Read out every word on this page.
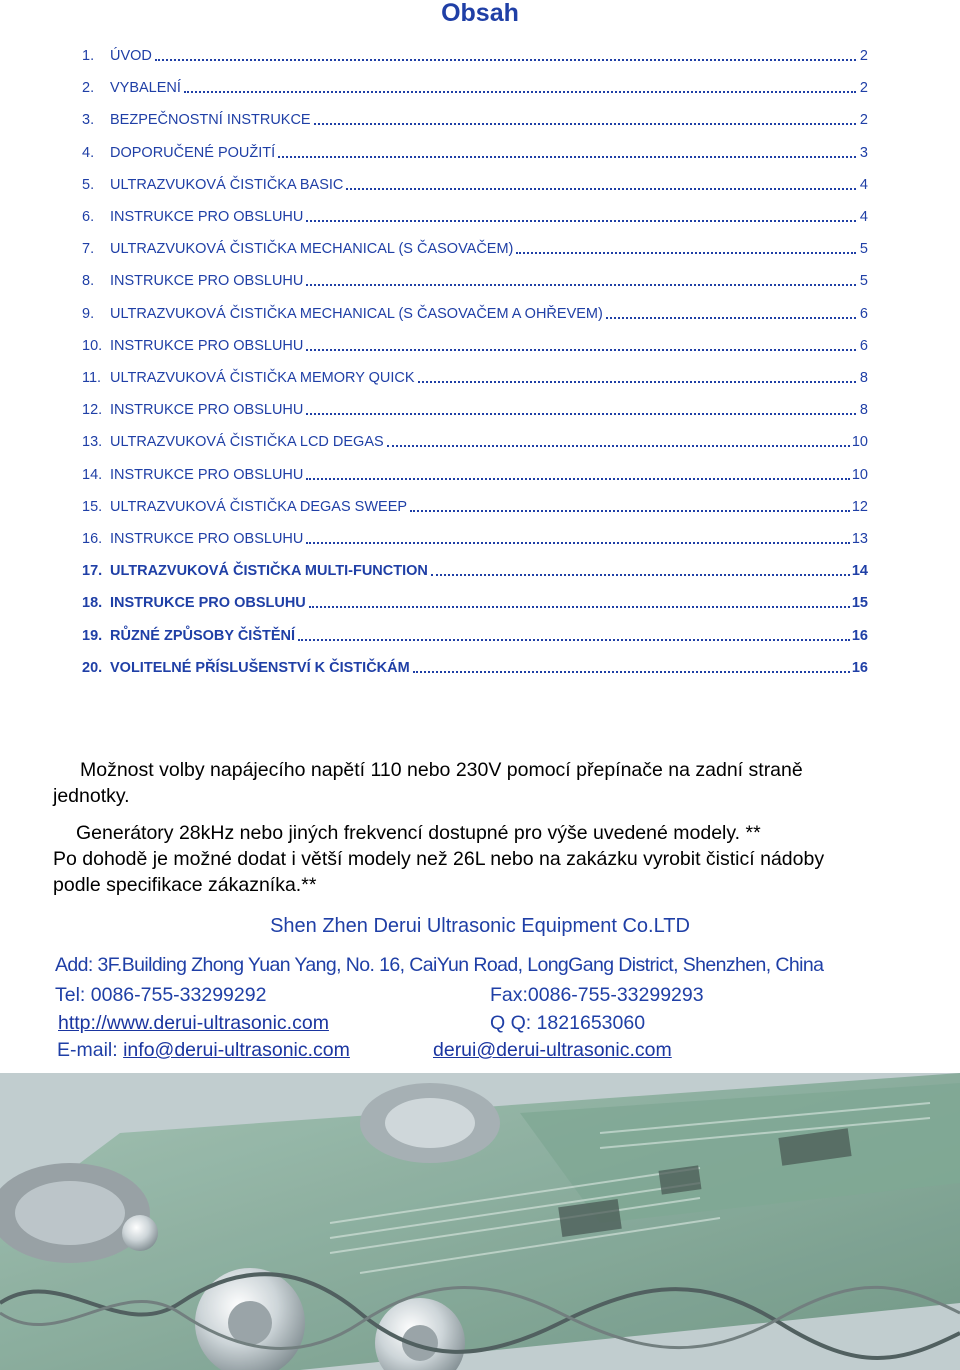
Obsah
1.	ÚVOD	2
2.	VYBALENÍ	2
3.	BEZPEČNOSTNÍ INSTRUKCE	2
4.	DOPORUČENÉ POUŽITÍ	3
5.	ULTRAZVUKOVÁ ČISTIČKA BASIC	4
6.	INSTRUKCE PRO OBSLUHU	4
7.	ULTRAZVUKOVÁ ČISTIČKA MECHANICAL (S ČASOVAČEM)	5
8.	INSTRUKCE PRO OBSLUHU	5
9.	ULTRAZVUKOVÁ ČISTIČKA MECHANICAL (S ČASOVAČEM A OHŘEVEM)	6
10. INSTRUKCE PRO OBSLUHU	6
11. ULTRAZVUKOVÁ ČISTIČKA MEMORY QUICK	8
12. INSTRUKCE PRO OBSLUHU	8
13. ULTRAZVUKOVÁ ČISTIČKA LCD DEGAS	10
14. INSTRUKCE PRO OBSLUHU	10
15. ULTRAZVUKOVÁ ČISTIČKA DEGAS SWEEP	12
16. INSTRUKCE PRO OBSLUHU	13
17. ULTRAZVUKOVÁ ČISTIČKA MULTI-FUNCTION	14
18. INSTRUKCE PRO OBSLUHU	15
19. RŮZNÉ ZPŮSOBY ČIŠTĚNÍ	16
20. VOLITELNÉ PŘÍSLUŠENSTVÍ K ČISTIČKÁM	16
Možnost volby napájecího napětí 110 nebo 230V pomocí přepínače na zadní straně
jednotky.
Generátory 28kHz nebo jiných frekvencí dostupné pro výše uvedené modely. **
Po dohodě je možné dodat i větší modely než 26L nebo na zakázku vyrobit čisticí nádoby
podle specifikace zákazníka.**
Shen Zhen Derui Ultrasonic Equipment Co.LTD
Add: 3F.Building Zhong Yuan Yang, No. 16, CaiYun Road, LongGang District, Shenzhen, China
Tel: 0086-755-33299292	Fax:0086-755-33299293
http://www.derui-ultrasonic.com	Q Q: 1821653060
E-mail: info@derui-ultrasonic.com	derui@derui-ultrasonic.com
